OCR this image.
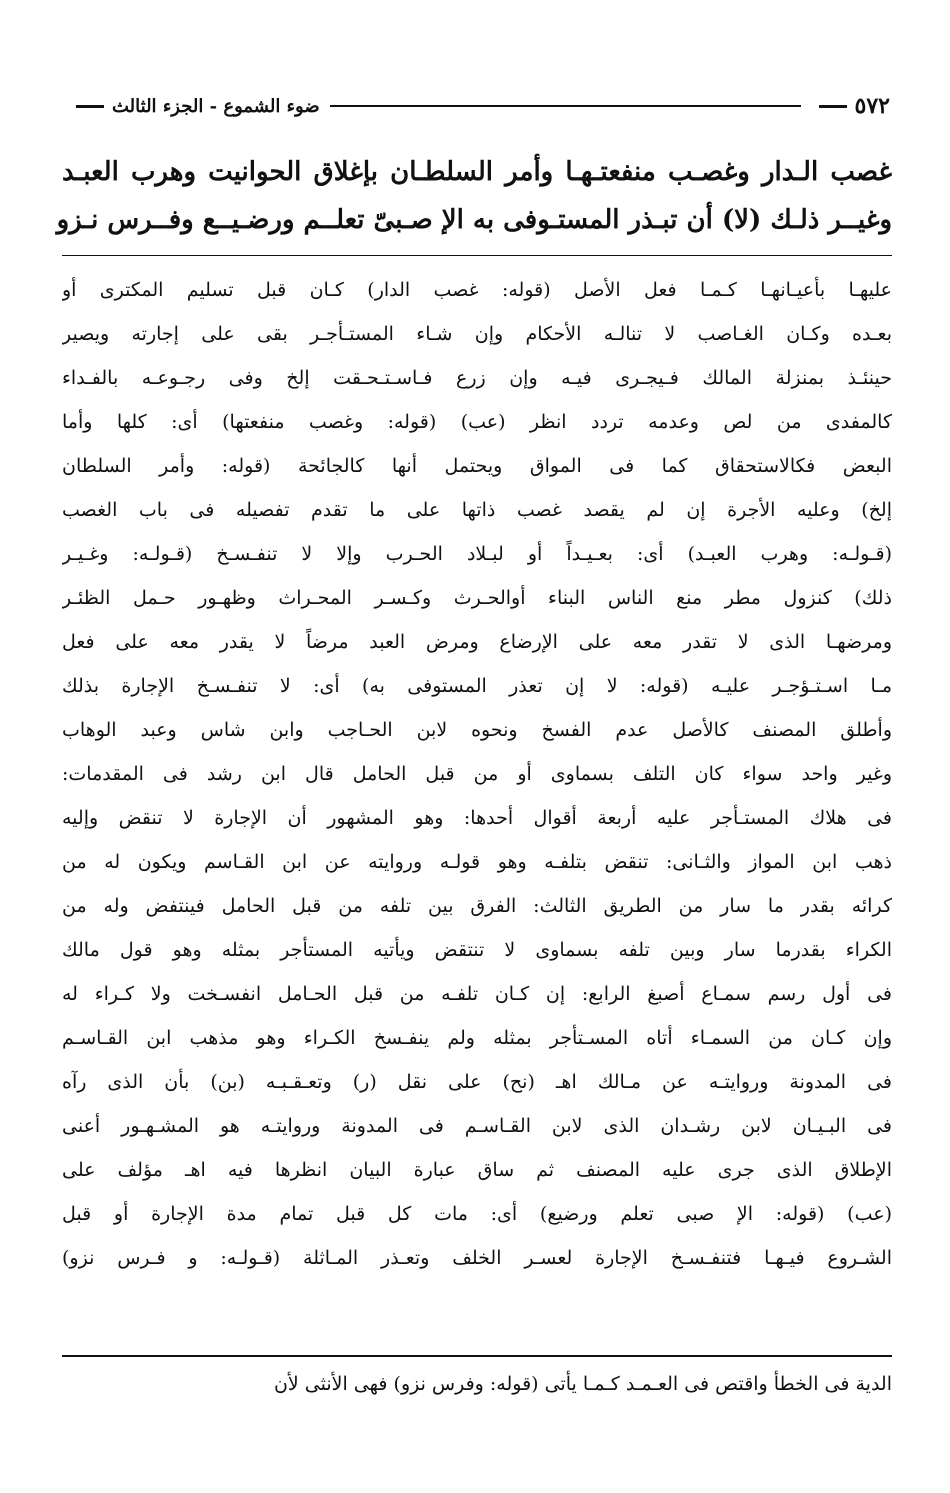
٥٧٢
ضوء الشموع - الجزء الثالث
غصب الـدار وغصـب منفعتـهـا وأمر السلطـان بإغلاق الحوانيت وهرب العبـد
وغيــر ذلـك (لا) أن تبـذر المستـوفى به الإ صـبىّ تعلــم ورضـيــع وفــرس نـزو
عليهـا بأعيـانهـا كـمـا فعل الأصل (قوله: غصب الدار) كـان قبل تسليم المكترى أو
بعـده وكـان الغـاصب لا تنالـه الأحكام وإن شـاء المستـأجـر بقى على إجارته ويصير
حينئـذ بمنزلة المالك فـيجـرى فيـه وإن زرع فـاسـتـحـقت إلخ وفى رجـوعـه بالفـداء
كالمفدى من لص وعدمه تردد انظر (عب) (قوله: وغصب منفعتها) أى: كلها وأما
البعض فكالاستحقاق كما فى المواق ويحتمل أنها كالجائحة (قوله: وأمر السلطان
إلخ) وعليه الأجرة إن لم يقصد غصب ذاتها على ما تقدم تفصيله فى باب الغصب
(قـولـه: وهرب العبـد) أى: بعـيـداً أو لبـلاد الحـرب وإلا لا تنفـسـخ (قـولـه: وغـيـر
ذلك) كنزول مطر منع الناس البناء أوالحـرث وكـسـر المحـراث وظهـور حـمل الظئـر
ومرضهـا الذى لا تقدر معه على الإرضاع ومرض العبد مرضاً لا يقدر معه على فعل
مـا اسـتـؤجـر عليـه (قوله: لا إن تعذر المستوفى به) أى: لا تنفـسـخ الإجارة بذلك
وأطلق المصنف كالأصل عدم الفسخ ونحوه لابن الحـاجب وابن شاس وعبد الوهاب
وغير واحد سواء كان التلف بسماوى أو من قبل الحامل قال ابن رشد فى المقدمات:
فى هلاك المستـأجر عليه أربعة أقوال أحدها: وهو المشهور أن الإجارة لا تنقض وإليه
ذهب ابن المواز والثـانى: تنقض بتلفـه وهو قولـه وروايته عن ابن القـاسم ويكون له من
كرائه بقدر ما سار من الطريق الثالث: الفرق بين تلفه من قبل الحامل فينتفض وله من
الكراء بقدرما سار وبين تلفه بسماوى لا تنتقض ويأتيه المستأجر بمثله وهو قول مالك
فى أول رسم سمـاع أصبغ الرابع: إن كـان تلفـه من قبل الحـامل انفسـخت ولا كـراء له
وإن كـان من السمـاء أتاه المسـتأجر بمثله ولم ينفـسخ الكـراء وهو مذهب ابن القـاسـم
فى المدونة وروايتـه عن مـالك اهـ (نح) على نقل (ر) وتعـقـبـه (بن) بأن الذى رآه
فى البـيـان لابن رشـدان الذى لابن القـاسـم فى المدونة وروايتـه هو المشـهـور أعنى
الإطلاق الذى جرى عليه المصنف ثم ساق عبارة البيان انظرها فيه اهـ مؤلف على
(عب) (قوله: الإ صبى تعلم ورضيع) أى: مات كل قبل تمام مدة الإجارة أو قبل
الشـروع فيـهـا فتنفـسـخ الإجارة لعسـر الخلف وتعـذر المـاثلة (قـولـه: و فـرس نزو)
الدية فى الخطأ واقتص فى العـمـد كـمـا يأتى (قوله: وفرس نزو) فهى الأنثى لأن
